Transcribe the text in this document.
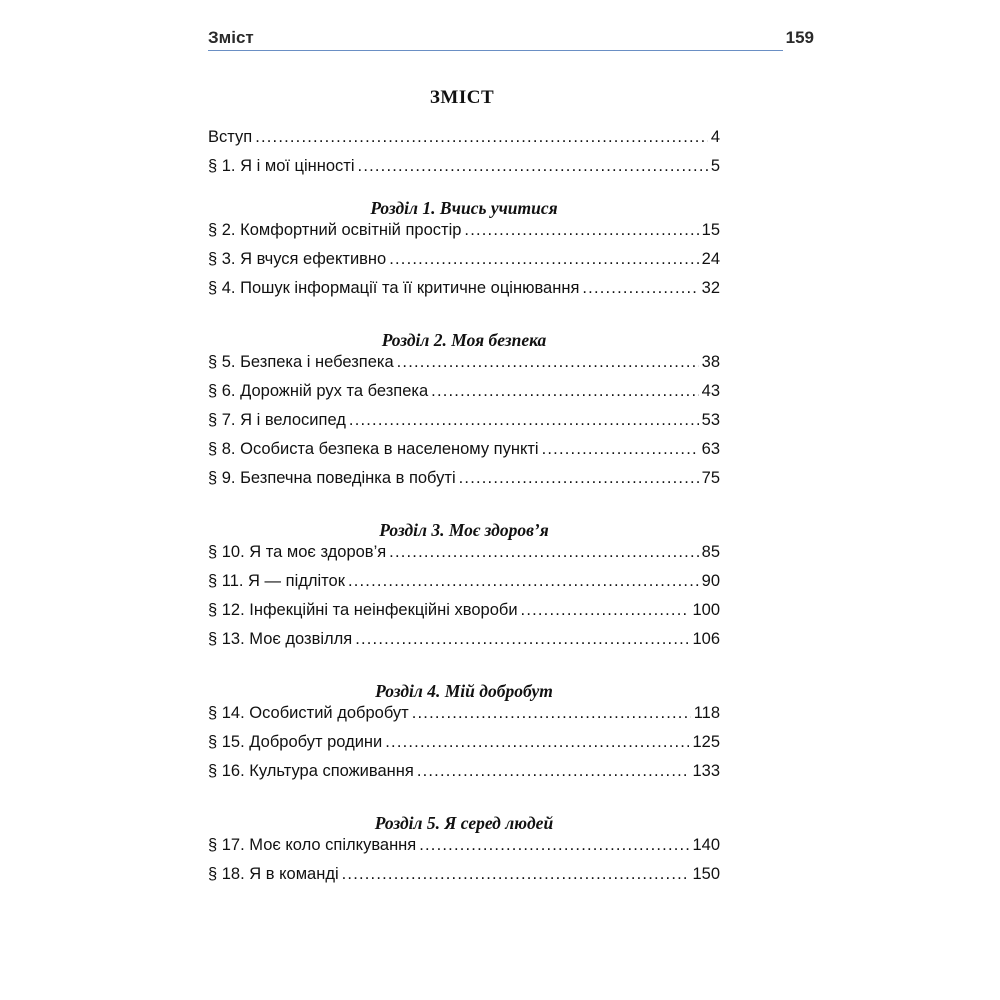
Зміст	159
ЗМІСТ
Вступ .....	4
§ 1. Я і мої цінності .....	5
Розділ 1. Вчись учитися
§ 2. Комфортний освітній простір .....	15
§ 3. Я вчуся ефективно .....	24
§ 4. Пошук інформації та її критичне оцінювання .....	32
Розділ 2. Моя безпека
§ 5. Безпека і небезпека .....	38
§ 6. Дорожній рух та безпека .....	43
§ 7. Я і велосипед .....	53
§ 8. Особиста безпека в населеному пункті .....	63
§ 9. Безпечна поведінка в побуті .....	75
Розділ 3. Моє здоров’я
§ 10. Я та моє здоров’я .....	85
§ 11. Я — підліток .....	90
§ 12. Інфекційні та неінфекційні хвороби .....	100
§ 13. Моє дозвілля .....	106
Розділ 4. Мій добробут
§ 14. Особистий добробут .....	118
§ 15. Добробут родини .....	125
§ 16. Культура споживання .....	133
Розділ 5. Я серед людей
§ 17. Моє коло спілкування .....	140
§ 18. Я в команді .....	150
